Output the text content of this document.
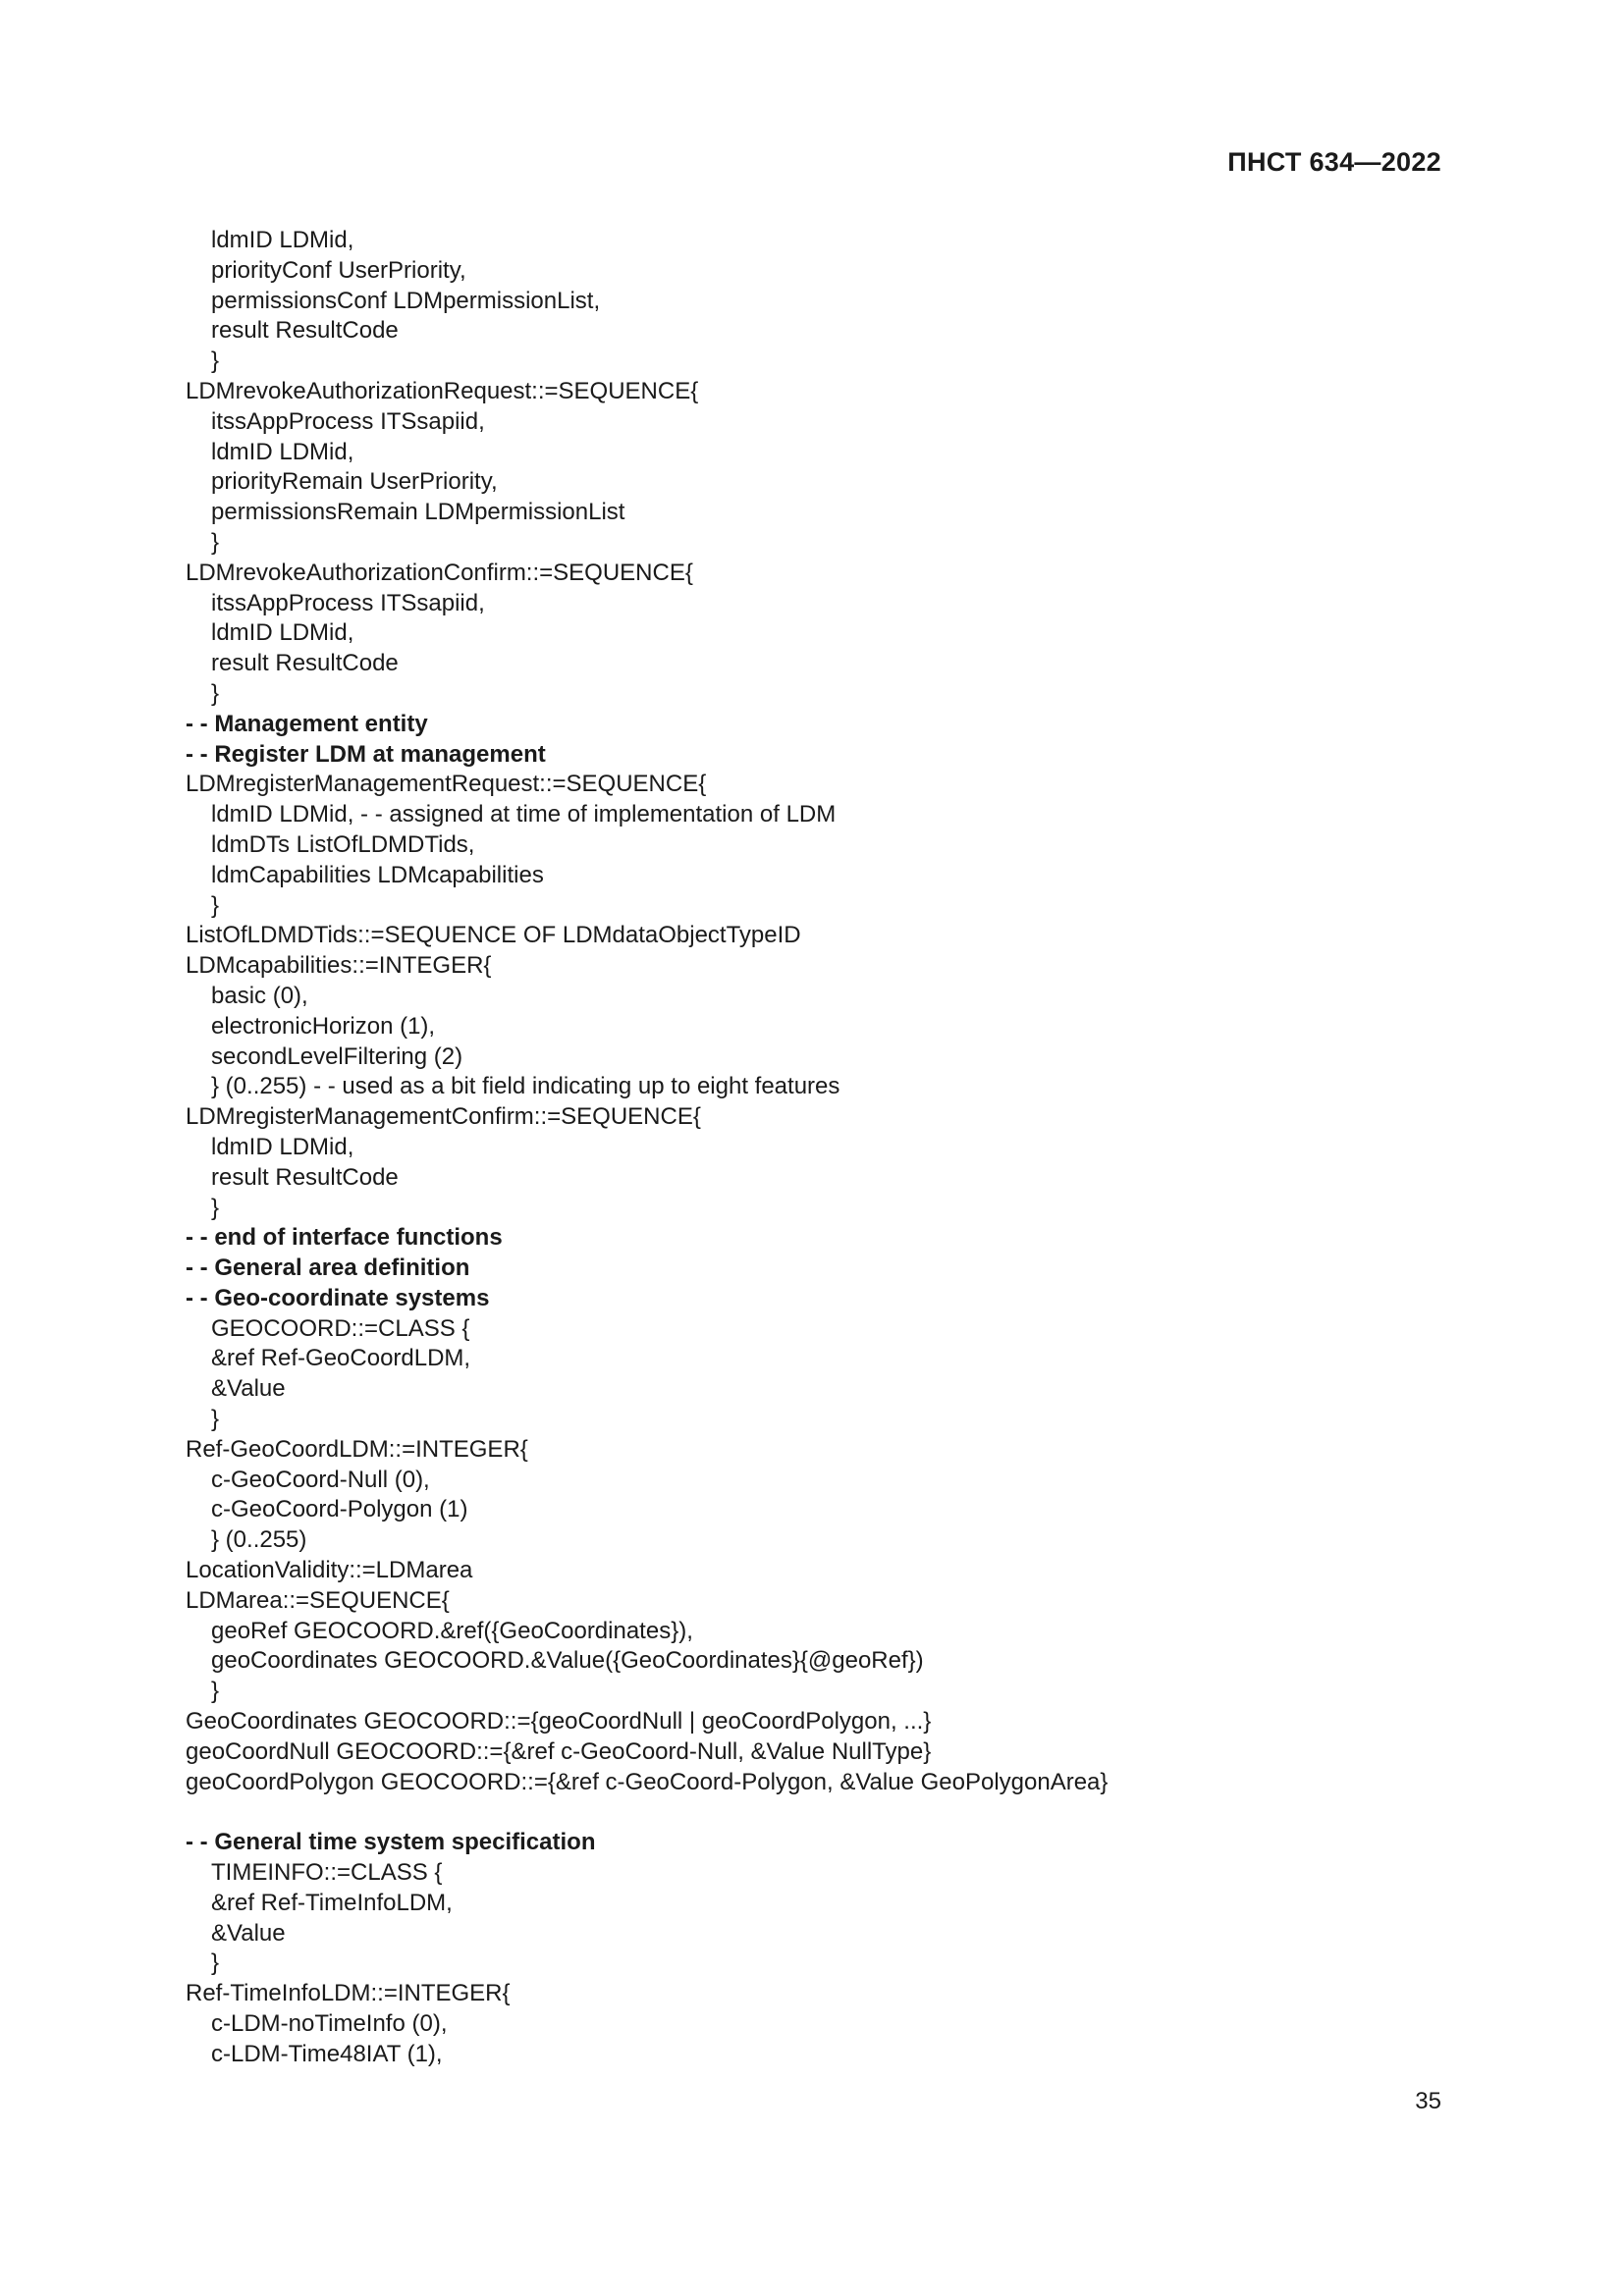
ПНСТ 634—2022
ldmID LDMid,
priorityConf UserPriority,
permissionsConf LDMpermissionList,
result ResultCode
}
LDMrevokeAuthorizationRequest::=SEQUENCE{
itssAppProcess ITSsapiid,
ldmID LDMid,
priorityRemain UserPriority,
permissionsRemain LDMpermissionList
}
LDMrevokeAuthorizationConfirm::=SEQUENCE{
itssAppProcess ITSsapiid,
ldmID LDMid,
result ResultCode
}
- - Management entity
- - Register LDM at management
LDMregisterManagementRequest::=SEQUENCE{
ldmID LDMid, - - assigned at time of implementation of LDM
ldmDTs ListOfLDMDTids,
ldmCapabilities LDMcapabilities
}
ListOfLDMDTids::=SEQUENCE OF LDMdataObjectTypeID
LDMcapabilities::=INTEGER{
basic (0),
electronicHorizon (1),
secondLevelFiltering (2)
} (0..255) - - used as a bit field indicating up to eight features
LDMregisterManagementConfirm::=SEQUENCE{
ldmID LDMid,
result ResultCode
}
- - end of interface functions
- - General area definition
- - Geo-coordinate systems
GEOCOORD::=CLASS {
&ref Ref-GeoCoordLDM,
&Value
}
Ref-GeoCoordLDM::=INTEGER{
c-GeoCoord-Null (0),
c-GeoCoord-Polygon (1)
} (0..255)
LocationValidity::=LDMarea
LDMarea::=SEQUENCE{
geoRef GEOCOORD.&ref({GeoCoordinates}),
geoCoordinates GEOCOORD.&Value({GeoCoordinates}{@geoRef})
}
GeoCoordinates GEOCOORD::={geoCoordNull | geoCoordPolygon, ...}
geoCoordNull GEOCOORD::={&ref c-GeoCoord-Null, &Value NullType}
geoCoordPolygon GEOCOORD::={&ref c-GeoCoord-Polygon, &Value GeoPolygonArea}
- - General time system specification
TIMEINFO::=CLASS {
&ref Ref-TimeInfoLDM,
&Value
}
Ref-TimeInfoLDM::=INTEGER{
c-LDM-noTimeInfo (0),
c-LDM-Time48IAT (1),
35
